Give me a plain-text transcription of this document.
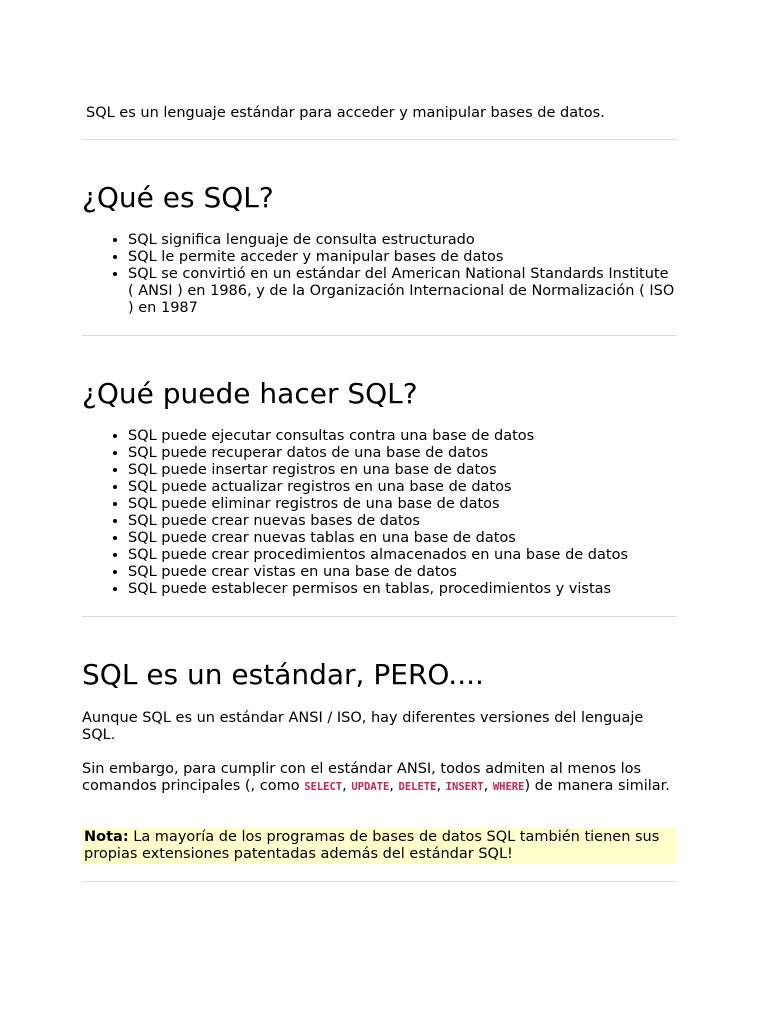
SQL es un lenguaje estándar para acceder y manipular bases de datos.

¿Qué es SQL?
• SQL significa lenguaje de consulta estructurado
• SQL le permite acceder y manipular bases de datos
• SQL se convirtió en un estándar del American National Standards Institute ( ANSI ) en 1986, y de la Organización Internacional de Normalización ( ISO ) en 1987
¿Qué puede hacer SQL?
• SQL puede ejecutar consultas contra una base de datos
• SQL puede recuperar datos de una base de datos
• SQL puede insertar registros en una base de datos
• SQL puede actualizar registros en una base de datos
• SQL puede eliminar registros de una base de datos
• SQL puede crear nuevas bases de datos
• SQL puede crear nuevas tablas en una base de datos
• SQL puede crear procedimientos almacenados en una base de datos
• SQL puede crear vistas en una base de datos
• SQL puede establecer permisos en tablas, procedimientos y vistas
SQL es un estándar, PERO....

Aunque SQL es un estándar ANSI / ISO, hay diferentes versiones del lenguaje SQL.

Sin embargo, para cumplir con el estándar ANSI, todos admiten al menos los comandos principales (, como SELECT, UPDATE, DELETE, INSERT, WHERE) de manera similar.

Nota: La mayoría de los programas de bases de datos SQL también tienen sus propias extensiones patentadas además del estándar SQL!
